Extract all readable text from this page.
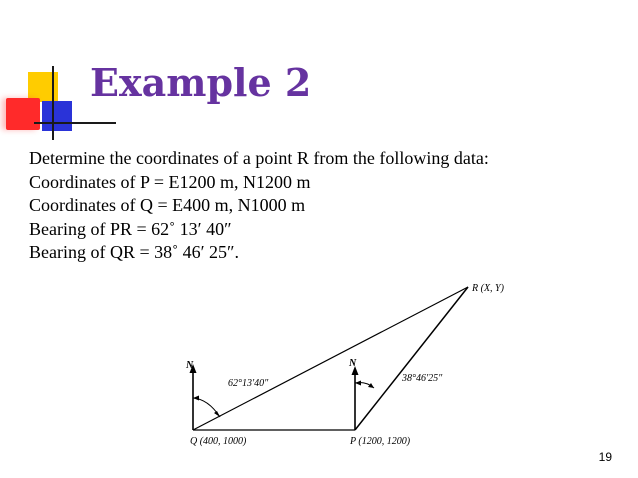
Example 2
Determine the coordinates of a point R from the following data:
Coordinates of P = E1200 m, N1200 m
Coordinates of Q = E400 m, N1000 m
Bearing of PR = 62˚ 13′ 40″
Bearing of QR = 38˚ 46′ 25″.
N	N
62°13′40″	38°46′25″
R (X, Y)
Q (400, 1000)	P (1200, 1200)
19
